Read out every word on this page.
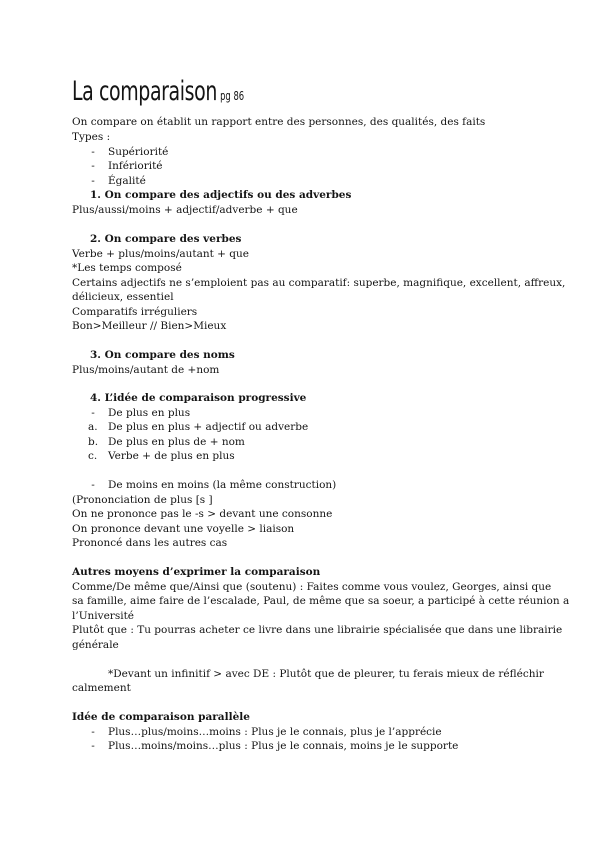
La comparaison pg 86
On compare on établit un rapport entre des personnes, des qualités, des faits
Types :
-	Supériorité
-	Infériorité
-	Égalité
1. On compare des adjectifs ou des adverbes
Plus/aussi/moins + adjectif/adverbe + que
2. On compare des verbes
Verbe + plus/moins/autant + que
*Les temps composé
Certains adjectifs ne s’emploient pas au comparatif: superbe, magnifique, excellent, affreux,
délicieux, essentiel
Comparatifs irréguliers
Bon>Meilleur // Bien>Mieux
3. On compare des noms
Plus/moins/autant de +nom
4. L’idée de comparaison progressive
-	De plus en plus
a. De plus en plus + adjectif ou adverbe
b. De plus en plus de + nom
c. Verbe + de plus en plus
-	De moins en moins (la même construction)
(Prononciation de plus [s ]
On ne prononce pas le -s > devant une consonne
On prononce devant une voyelle > liaison
Prononcé dans les autres cas
Autres moyens d’exprimer la comparaison
Comme/De même que/Ainsi que (soutenu) : Faites comme vous voulez, Georges, ainsi que
sa famille, aime faire de l’escalade, Paul, de même que sa soeur, a participé à cette réunion a
l’Université
Plutôt que : Tu pourras acheter ce livre dans une librairie spécialisée que dans une librairie
générale
*Devant un infinitif > avec DE : Plutôt que de pleurer, tu ferais mieux de réfléchir
calmement
Idée de comparaison parallèle
-	Plus…plus/moins…moins : Plus je le connais, plus je l’apprécie
-	Plus…moins/moins…plus : Plus je le connais, moins je le supporte
